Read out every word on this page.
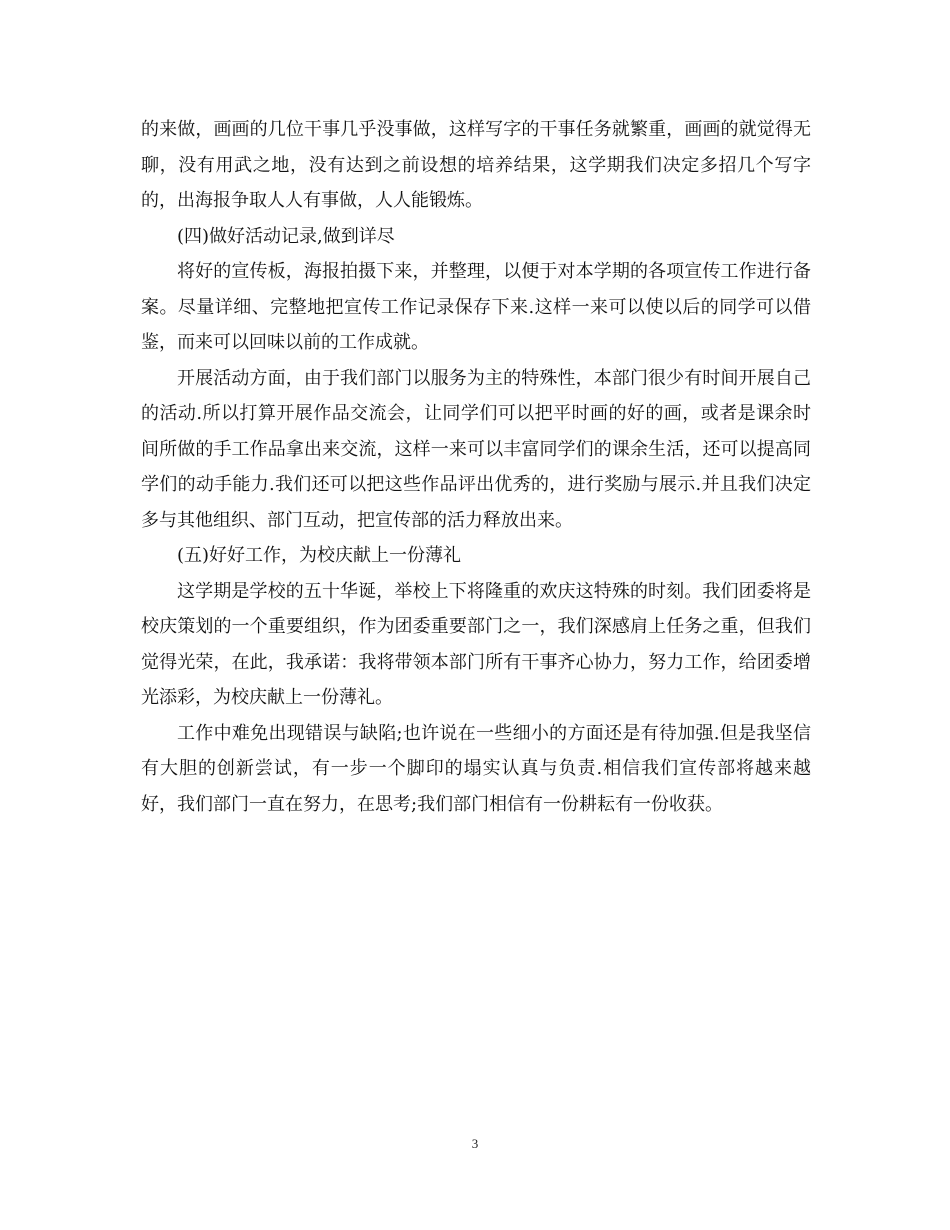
的来做，画画的几位干事几乎没事做，这样写字的干事任务就繁重，画画的就觉得无聊，没有用武之地，没有达到之前设想的培养结果，这学期我们决定多招几个写字的，出海报争取人人有事做，人人能锻炼。

(四)做好活动记录,做到详尽

将好的宣传板，海报拍摄下来，并整理，以便于对本学期的各项宣传工作进行备案。尽量详细、完整地把宣传工作记录保存下来.这样一来可以使以后的同学可以借鉴，而来可以回味以前的工作成就。

开展活动方面，由于我们部门以服务为主的特殊性，本部门很少有时间开展自己的活动.所以打算开展作品交流会，让同学们可以把平时画的好的画，或者是课余时间所做的手工作品拿出来交流，这样一来可以丰富同学们的课余生活，还可以提高同学们的动手能力.我们还可以把这些作品评出优秀的，进行奖励与展示.并且我们决定多与其他组织、部门互动，把宣传部的活力释放出来。

(五)好好工作，为校庆献上一份薄礼

这学期是学校的五十华诞，举校上下将隆重的欢庆这特殊的时刻。我们团委将是校庆策划的一个重要组织，作为团委重要部门之一，我们深感肩上任务之重，但我们觉得光荣，在此，我承诺：我将带领本部门所有干事齐心协力，努力工作，给团委增光添彩，为校庆献上一份薄礼。

工作中难免出现错误与缺陷;也许说在一些细小的方面还是有待加强.但是我坚信有大胆的创新尝试，有一步一个脚印的塌实认真与负责.相信我们宣传部将越来越好，我们部门一直在努力，在思考;我们部门相信有一份耕耘有一份收获。

3
